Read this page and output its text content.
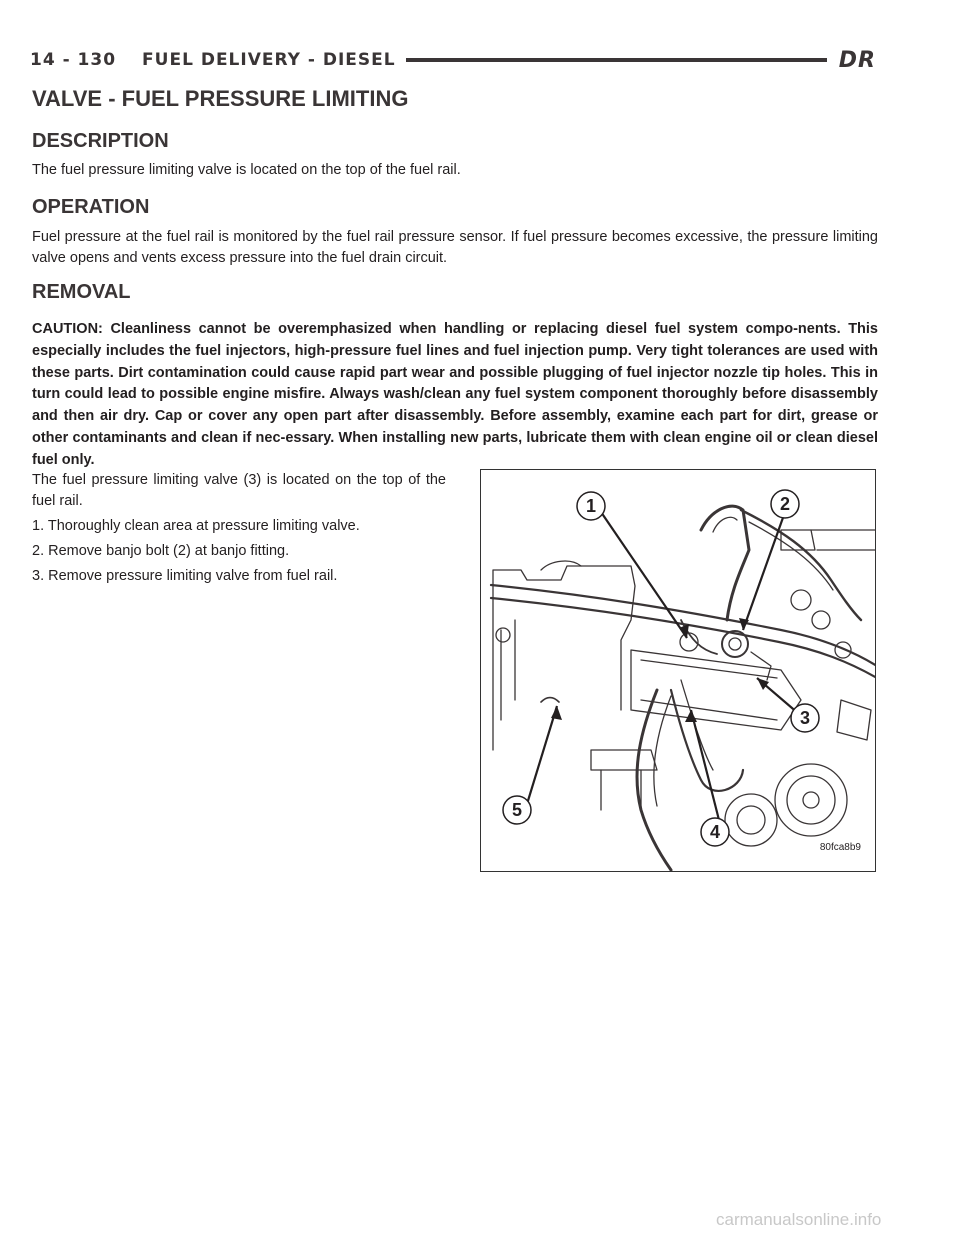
14 - 130 FUEL DELIVERY - DIESEL	DR
VALVE - FUEL PRESSURE LIMITING
DESCRIPTION

The fuel pressure limiting valve is located on the top of the fuel rail.

OPERATION

Fuel pressure at the fuel rail is monitored by the fuel rail pressure sensor. If fuel pressure becomes excessive, the pressure limiting valve opens and vents excess pressure into the fuel drain circuit.

REMOVAL

CAUTION: Cleanliness cannot be overemphasized when handling or replacing diesel fuel system compo-nents. This especially includes the fuel injectors, high-pressure fuel lines and fuel injection pump. Very tight tolerances are used with these parts. Dirt contamination could cause rapid part wear and possible plugging of fuel injector nozzle tip holes. This in turn could lead to possible engine misfire. Always wash/clean any fuel system component thoroughly before disassembly and then air dry. Cap or cover any open part after disassembly. Before assembly, examine each part for dirt, grease or other contaminants and clean if nec-essary. When installing new parts, lubricate them with clean engine oil or clean diesel fuel only.

The fuel pressure limiting valve (3) is located on the top of the fuel rail.

1. Thoroughly clean area at pressure limiting valve.

2. Remove banjo bolt (2) at banjo fitting.

3. Remove pressure limiting valve from fuel rail.

1	2
3
4
5
80fca8b9
carmanualsonline.info
